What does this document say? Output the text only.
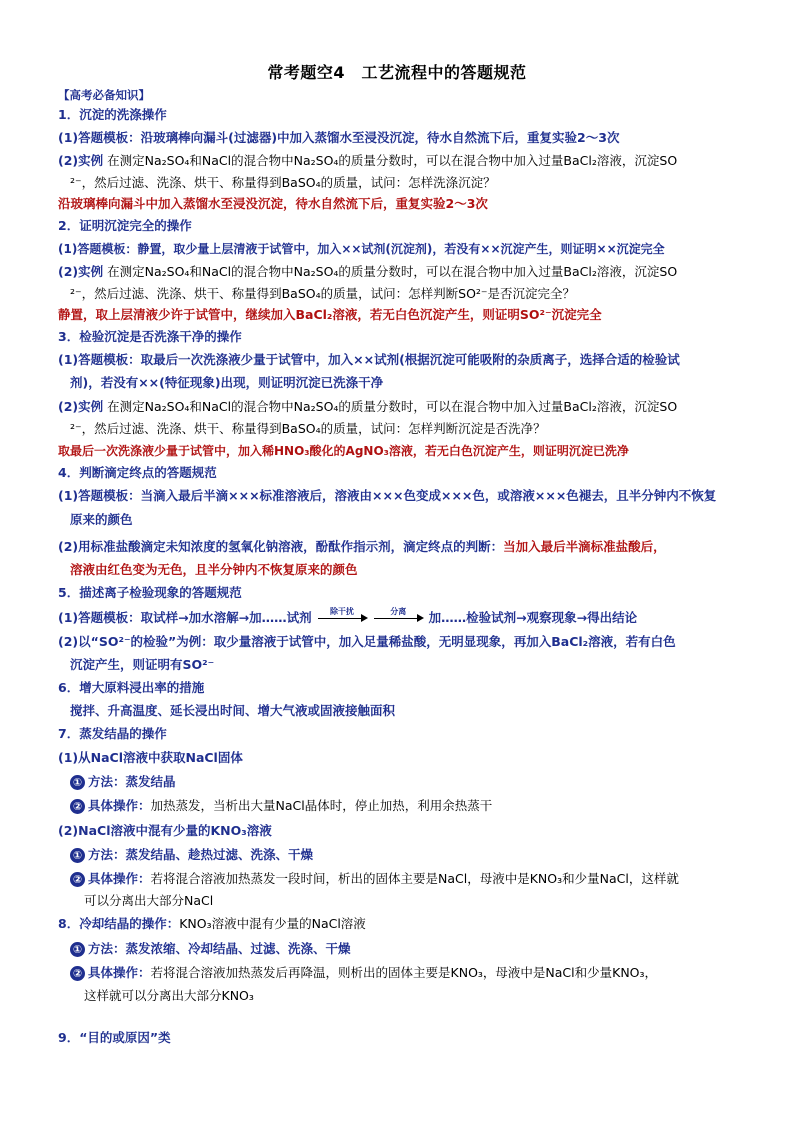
常考题空4　工艺流程中的答题规范
【高考必备知识】
1．沉淀的洗涤操作
(1)答题模板：沿玻璃棒向漏斗(过滤器)中加入蒸馏水至浸没沉淀，待水自然流下后，重复实验2～3次
(2)实例 在测定Na₂SO₄和NaCl的混合物中Na₂SO₄的质量分数时，可以在混合物中加入过量BaCl₂溶液，沉淀SO
²⁻，然后过滤、洗涤、烘干、称量得到BaSO₄的质量，试问：怎样洗涤沉淀？
沿玻璃棒向漏斗中加入蒸馏水至浸没沉淀，待水自然流下后，重复实验2～3次
2．证明沉淀完全的操作
(1)答题模板：静置，取少量上层清液于试管中，加入××试剂(沉淀剂)，若没有××沉淀产生，则证明××沉淀完全
(2)实例 在测定Na₂SO₄和NaCl的混合物中Na₂SO₄的质量分数时，可以在混合物中加入过量BaCl₂溶液，沉淀SO
²⁻，然后过滤、洗涤、烘干、称量得到BaSO₄的质量，试问：怎样判断SO²⁻是否沉淀完全？
静置，取上层清液少许于试管中，继续加入BaCl₂溶液，若无白色沉淀产生，则证明SO²⁻沉淀完全
3．检验沉淀是否洗涤干净的操作
(1)答题模板：取最后一次洗涤液少量于试管中，加入××试剂(根据沉淀可能吸附的杂质离子，选择合适的检验试
剂)，若没有××(特征现象)出现，则证明沉淀已洗涤干净
(2)实例 在测定Na₂SO₄和NaCl的混合物中Na₂SO₄的质量分数时，可以在混合物中加入过量BaCl₂溶液，沉淀SO
²⁻，然后过滤、洗涤、烘干、称量得到BaSO₄的质量，试问：怎样判断沉淀是否洗净？
取最后一次洗涤液少量于试管中，加入稀HNO₃酸化的AgNO₃溶液，若无白色沉淀产生，则证明沉淀已洗净
4．判断滴定终点的答题规范
(1)答题模板：当滴入最后半滴×××标准溶液后，溶液由×××色变成×××色，或溶液×××色褪去，且半分钟内不恢复
原来的颜色
(2)用标准盐酸滴定未知浓度的氢氧化钠溶液，酚酞作指示剂，滴定终点的判断：当加入最后半滴标准盐酸后，
溶液由红色变为无色，且半分钟内不恢复原来的颜色
5．描述离子检验现象的答题规范
(1)答题模板：取试样→加水溶解→加……试剂	除干扰
	分离	加……检验试剂→观察现象→得出结论
(2)以“SO²⁻的检验”为例：取少量溶液于试管中，加入足量稀盐酸，无明显现象，再加入BaCl₂溶液，若有白色
沉淀产生，则证明有SO²⁻
6．增大原料浸出率的措施
搅拌、升高温度、延长浸出时间、增大气液或固液接触面积
7．蒸发结晶的操作
(1)从NaCl溶液中获取NaCl固体
① 方法：蒸发结晶
② 具体操作：加热蒸发，当析出大量NaCl晶体时，停止加热，利用余热蒸干
(2)NaCl溶液中混有少量的KNO₃溶液
① 方法：蒸发结晶、趁热过滤、洗涤、干燥
② 具体操作：若将混合溶液加热蒸发一段时间，析出的固体主要是NaCl，母液中是KNO₃和少量NaCl，这样就
可以分离出大部分NaCl
8．冷却结晶的操作：KNO₃溶液中混有少量的NaCl溶液
① 方法：蒸发浓缩、冷却结晶、过滤、洗涤、干燥
② 具体操作：若将混合溶液加热蒸发后再降温，则析出的固体主要是KNO₃，母液中是NaCl和少量KNO₃，
这样就可以分离出大部分KNO₃
9．“目的或原因”类
